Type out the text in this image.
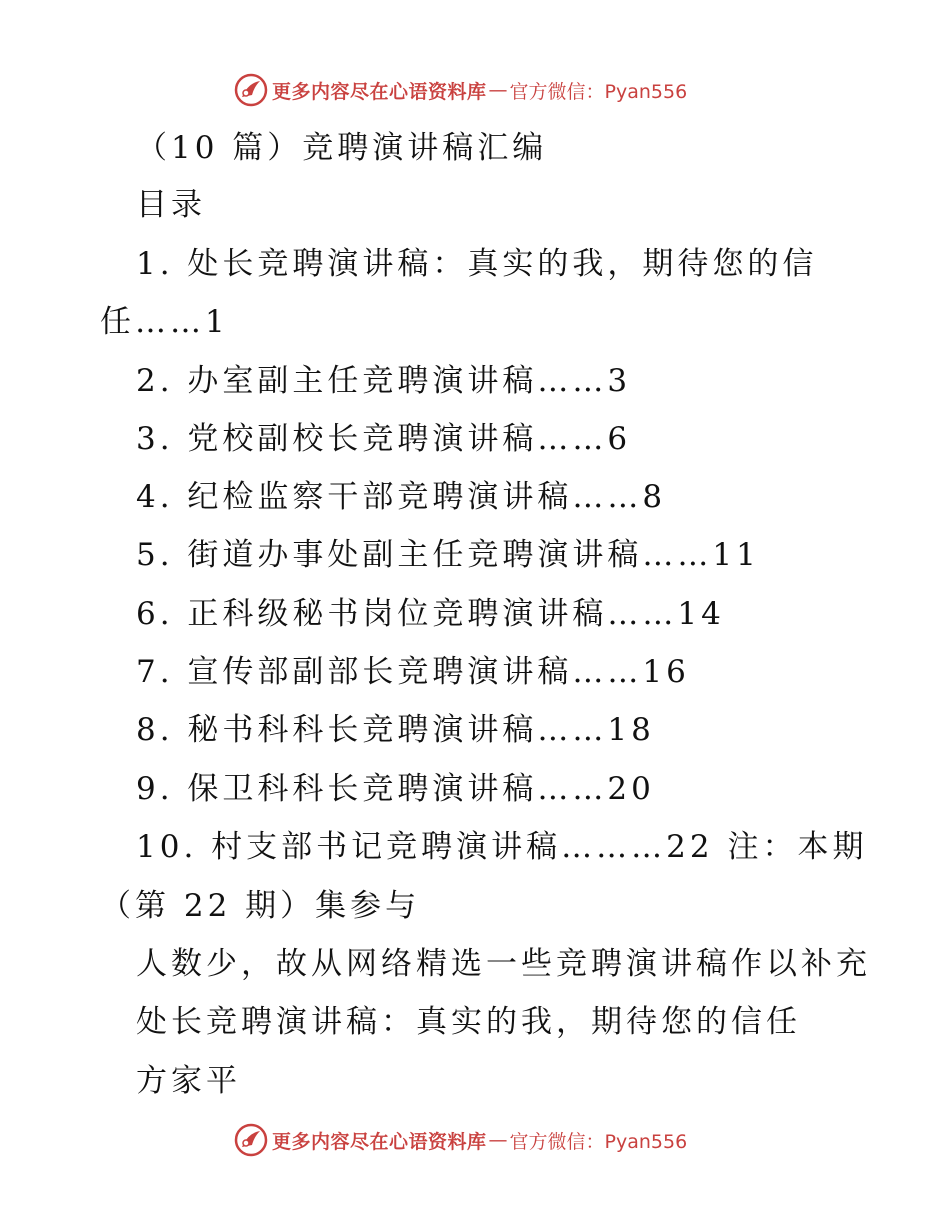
更多内容尽在心语资料库 — 官方微信：Pyan556
（10 篇）竞聘演讲稿汇编
目录
1. 处长竞聘演讲稿：真实的我，期待您的信
任……1
2. 办室副主任竞聘演讲稿……3
3. 党校副校长竞聘演讲稿……6
4. 纪检监察干部竞聘演讲稿……8
5. 街道办事处副主任竞聘演讲稿……11
6. 正科级秘书岗位竞聘演讲稿……14
7. 宣传部副部长竞聘演讲稿……16
8. 秘书科科长竞聘演讲稿……18
9. 保卫科科长竞聘演讲稿……20
10. 村支部书记竞聘演讲稿………22 注：本期
（第 22 期）集参与
人数少，故从网络精选一些竞聘演讲稿作以补充
处长竞聘演讲稿：真实的我，期待您的信任
方家平
更多内容尽在心语资料库 — 官方微信：Pyan556
